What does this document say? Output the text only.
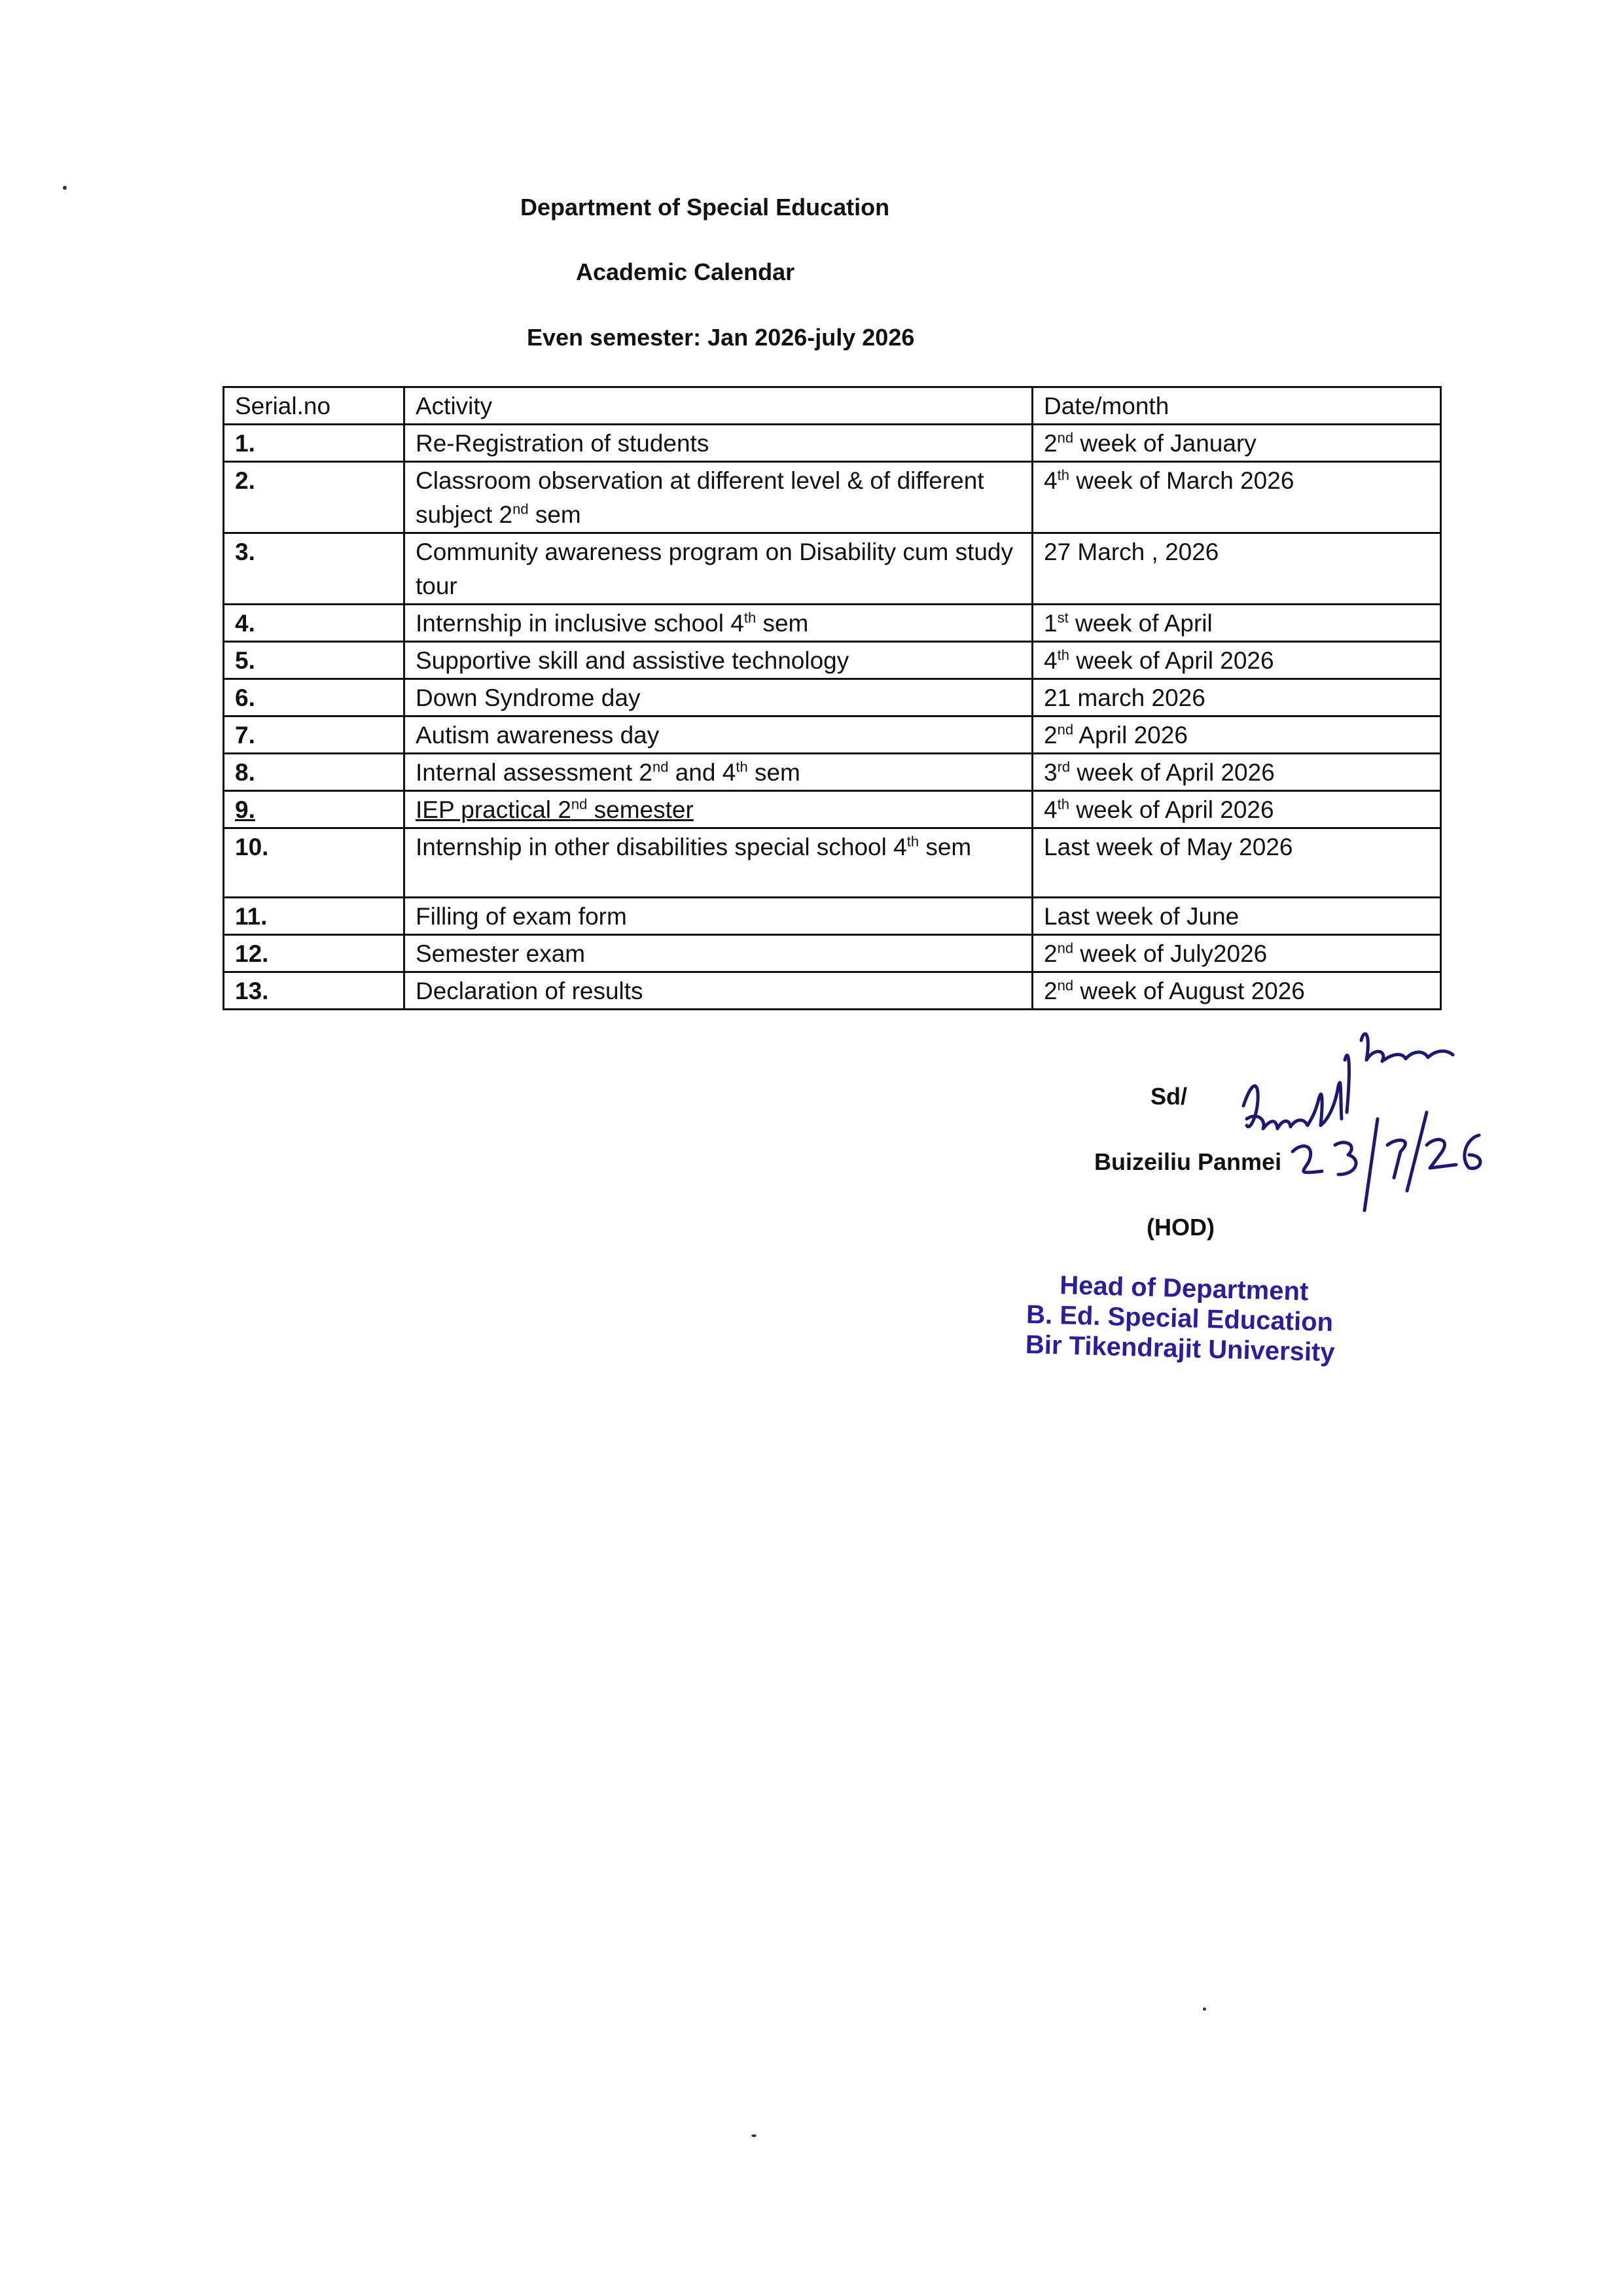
Department of Special Education
Academic Calendar
Even semester: Jan 2026-july 2026
Serial.no	Activity	Date/month
1.	Re-Registration of students	2nd week of January
2.	Classroom observation at different level & of different subject 2nd sem	4th week of March 2026
3.	Community awareness program on Disability cum study tour	27 March , 2026
4.	Internship in inclusive school 4th sem	1st week of April
5.	Supportive skill and assistive technology	4th week of April 2026
6.	Down Syndrome day	21 march 2026
7.	Autism awareness day	2nd April 2026
8.	Internal assessment 2nd and 4th sem	3rd week of April 2026
9.	IEP practical 2nd semester	4th week of April 2026
10.	Internship in other disabilities special school 4th sem	Last week of May 2026
11.	Filling of exam form	Last week of June
12.	Semester exam	2nd week of July2026
13.	Declaration of results	2nd week of August 2026
Sd/
Buizeiliu Panmei
(HOD)
Head of Department
B. Ed. Special Education
Bir Tikendrajit University
